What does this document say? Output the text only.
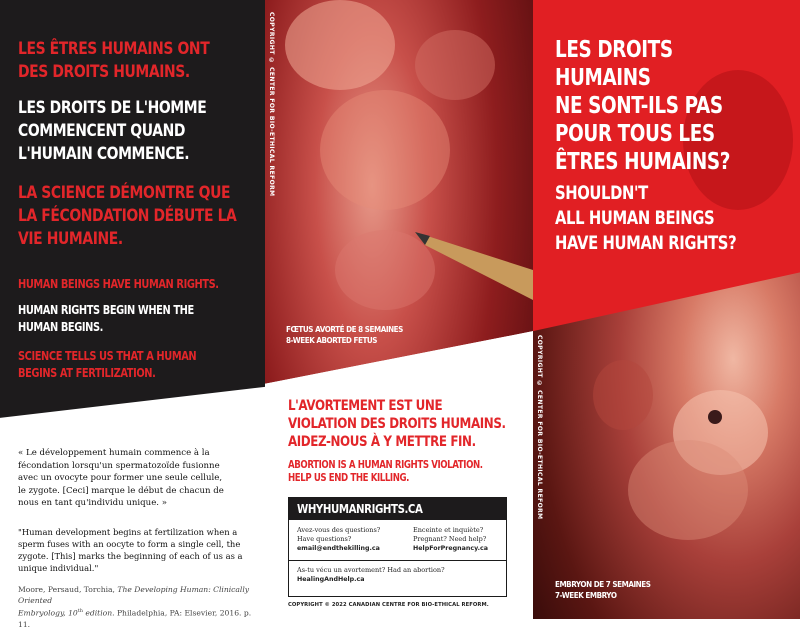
LES ÊTRES HUMAINS ONT
DES DROITS HUMAINS.
LES DROITS DE L'HOMME
COMMENCENT QUAND
L'HUMAIN COMMENCE.
LA SCIENCE DÉMONTRE QUE
LA FÉCONDATION DÉBUTE LA
VIE HUMAINE.
HUMAN BEINGS HAVE HUMAN RIGHTS.
HUMAN RIGHTS BEGIN WHEN THE
HUMAN BEGINS.
SCIENCE TELLS US THAT A HUMAN
BEGINS AT FERTILIZATION.
« Le développement humain commence à la
fécondation lorsqu'un spermatozoïde fusionne
avec un ovocyte pour former une seule cellule,
le zygote. [Ceci] marque le début de chacun de
nous en tant qu'individu unique. »
"Human development begins at fertilization when a
sperm fuses with an oocyte to form a single cell, the
zygote. [This] marks the beginning of each of us as a
unique individual."
Moore, Persaud, Torchia, The Developing Human: Clinically Oriented
Embryology, 10th edition. Philadelphia, PA: Elsevier, 2016. p. 11.
COPYRIGHT © CENTER FOR BIO-ETHICAL REFORM
FŒTUS AVORTÉ DE 8 SEMAINES
8-WEEK ABORTED FETUS
L'AVORTEMENT EST UNE
VIOLATION DES DROITS HUMAINS.
AIDEZ-NOUS À Y METTRE FIN.
ABORTION IS A HUMAN RIGHTS VIOLATION.
HELP US END THE KILLING.
WHYHUMANRIGHTS.CA
Avez-vous des questions?
Have questions?
email@endthekilling.ca
Enceinte et inquiète?
Pregnant? Need help?
HelpForPregnancy.ca
As-tu vécu un avortement? Had an abortion?
HealingAndHelp.ca
COPYRIGHT © 2022 CANADIAN CENTRE FOR BIO-ETHICAL REFORM.
LES DROITS HUMAINS
NE SONT-ILS PAS
POUR TOUS LES
ÊTRES HUMAINS?
SHOULDN'T
ALL HUMAN BEINGS
HAVE HUMAN RIGHTS?
COPYRIGHT © CENTER FOR BIO-ETHICAL REFORM
EMBRYON DE 7 SEMAINES
7-WEEK EMBRYO
